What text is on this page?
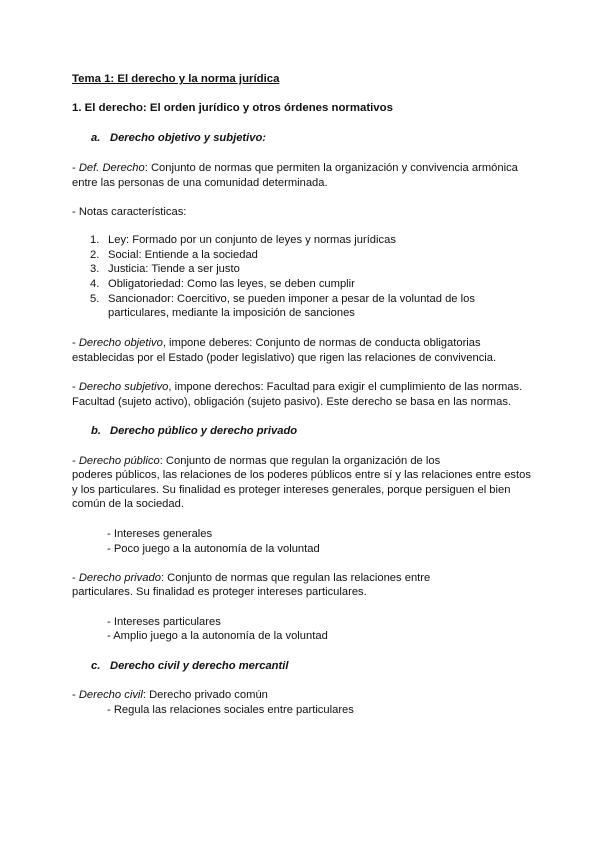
Tema 1: El derecho y la norma jurídica
1. El derecho: El orden jurídico y otros órdenes normativos
a. Derecho objetivo y subjetivo:
- Def. Derecho: Conjunto de normas que permiten la organización y convivencia armónica
entre las personas de una comunidad determinada.
- Notas características:
1. Ley: Formado por un conjunto de leyes y normas jurídicas
2. Social: Entiende a la sociedad
3. Justicia: Tiende a ser justo
4. Obligatoriedad: Como las leyes, se deben cumplir
5. Sancionador: Coercitivo, se pueden imponer a pesar de la voluntad de los
particulares, mediante la imposición de sanciones
- Derecho objetivo, impone deberes: Conjunto de normas de conducta obligatorias
establecidas por el Estado (poder legislativo) que rigen las relaciones de convivencia.
- Derecho subjetivo, impone derechos: Facultad para exigir el cumplimiento de las normas.
Facultad (sujeto activo), obligación (sujeto pasivo). Este derecho se basa en las normas.
b. Derecho público y derecho privado
- Derecho público: Conjunto de normas que regulan la organización de los
poderes públicos, las relaciones de los poderes públicos entre sí y las relaciones entre estos
y los particulares. Su finalidad es proteger intereses generales, porque persiguen el bien
común de la sociedad.
- Intereses generales
- Poco juego a la autonomía de la voluntad
- Derecho privado: Conjunto de normas que regulan las relaciones entre
particulares. Su finalidad es proteger intereses particulares.
- Intereses particulares
- Amplio juego a la autonomía de la voluntad
c. Derecho civil y derecho mercantil
- Derecho civil: Derecho privado común
- Regula las relaciones sociales entre particulares
